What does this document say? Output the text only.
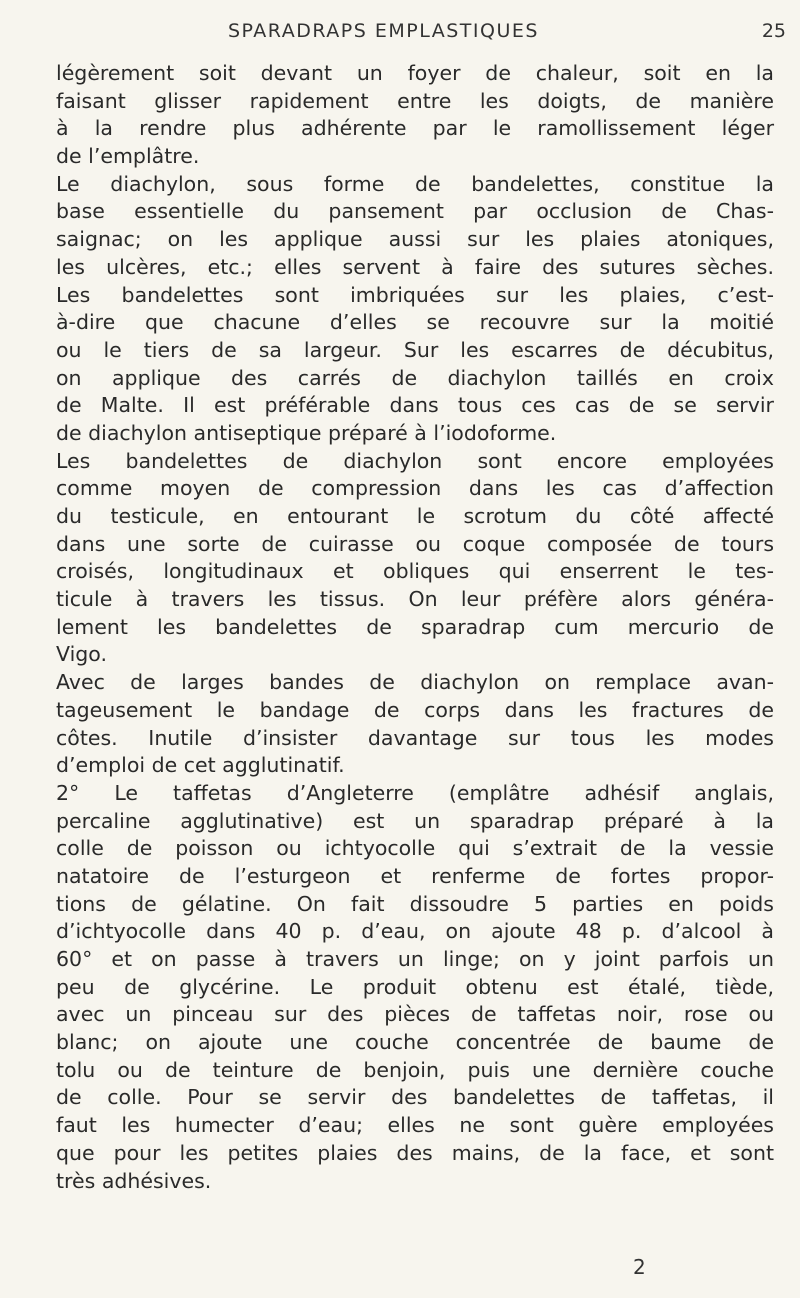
SPARADRAPS EMPLASTIQUES	25
légèrement soit devant un foyer de chaleur, soit en la
faisant glisser rapidement entre les doigts, de manière
à la rendre plus adhérente par le ramollissement léger
de l’emplâtre.
Le diachylon, sous forme de bandelettes, constitue la
base essentielle du pansement par occlusion de Chas-
saignac; on les applique aussi sur les plaies atoniques,
les ulcères, etc.; elles servent à faire des sutures sèches.
Les bandelettes sont imbriquées sur les plaies, c’est-
à-dire que chacune d’elles se recouvre sur la moitié
ou le tiers de sa largeur. Sur les escarres de décubitus,
on applique des carrés de diachylon taillés en croix
de Malte. Il est préférable dans tous ces cas de se servir
de diachylon antiseptique préparé à l’iodoforme.
Les bandelettes de diachylon sont encore employées
comme moyen de compression dans les cas d’affection
du testicule, en entourant le scrotum du côté affecté
dans une sorte de cuirasse ou coque composée de tours
croisés, longitudinaux et obliques qui enserrent le tes-
ticule à travers les tissus. On leur préfère alors généra-
lement les bandelettes de sparadrap cum mercurio de
Vigo.
Avec de larges bandes de diachylon on remplace avan-
tageusement le bandage de corps dans les fractures de
côtes. Inutile d’insister davantage sur tous les modes
d’emploi de cet agglutinatif.
2° Le taffetas d’Angleterre (emplâtre adhésif anglais,
percaline agglutinative) est un sparadrap préparé à la
colle de poisson ou ichtyocolle qui s’extrait de la vessie
natatoire de l’esturgeon et renferme de fortes propor-
tions de gélatine. On fait dissoudre 5 parties en poids
d’ichtyocolle dans 40 p. d’eau, on ajoute 48 p. d’alcool à
60° et on passe à travers un linge; on y joint parfois un
peu de glycérine. Le produit obtenu est étalé, tiède,
avec un pinceau sur des pièces de taffetas noir, rose ou
blanc; on ajoute une couche concentrée de baume de
tolu ou de teinture de benjoin, puis une dernière couche
de colle. Pour se servir des bandelettes de taffetas, il
faut les humecter d’eau; elles ne sont guère employées
que pour les petites plaies des mains, de la face, et sont
très adhésives.
2
